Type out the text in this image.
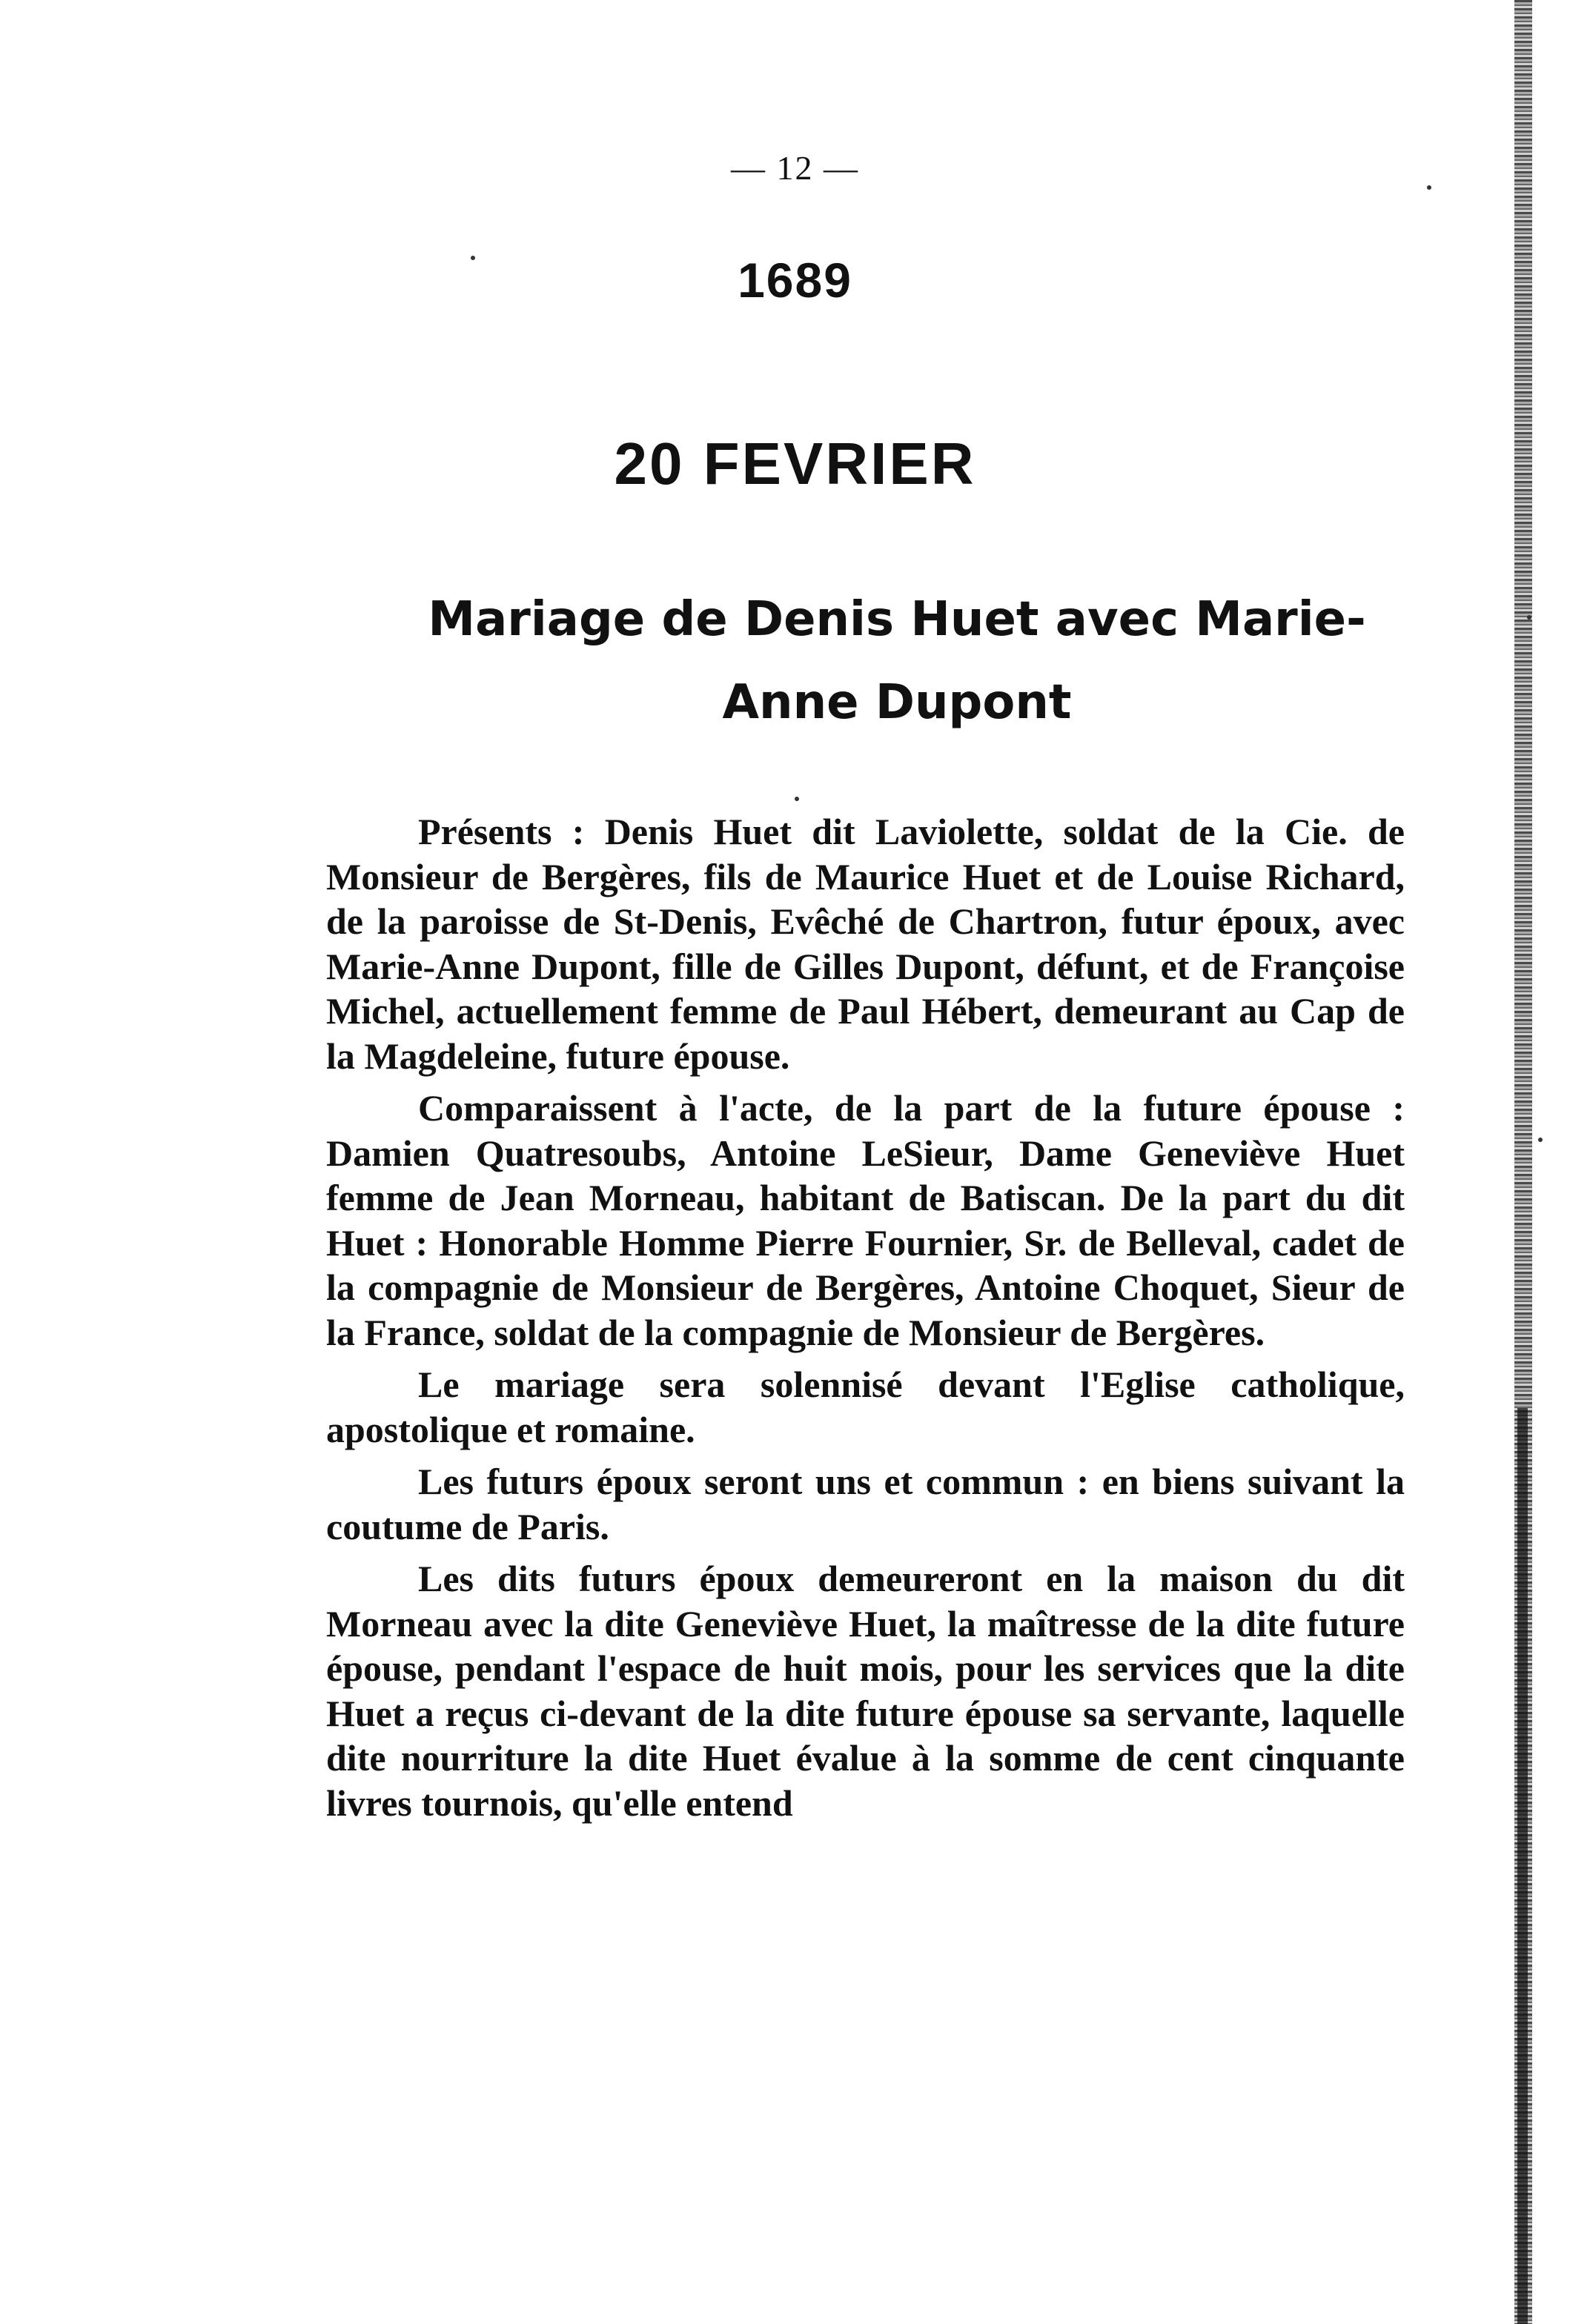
— 12 —
1689
20 FEVRIER
Mariage de Denis Huet avec Marie-Anne Dupont

Présents : Denis Huet dit Laviolette, soldat de la Cie. de Monsieur de Bergères, fils de Maurice Huet et de Louise Richard, de la paroisse de St-Denis, Evêché de Chartron, futur époux, avec Marie-Anne Dupont, fille de Gilles Dupont, défunt, et de Françoise Michel, actuellement femme de Paul Hébert, demeurant au Cap de la Magdeleine, future épouse.

Comparaissent à l'acte, de la part de la future épouse : Damien Quatresoubs, Antoine LeSieur, Dame Geneviève Huet femme de Jean Morneau, habitant de Batiscan. De la part du dit Huet : Honorable Homme Pierre Fournier, Sr. de Belleval, cadet de la compagnie de Monsieur de Bergères, Antoine Choquet, Sieur de la France, soldat de la compagnie de Monsieur de Bergères.

Le mariage sera solennisé devant l'Eglise catholique, apostolique et romaine.

Les futurs époux seront uns et commun : en biens suivant la coutume de Paris.

Les dits futurs époux demeureront en la maison du dit Morneau avec la dite Geneviève Huet, la maîtresse de la dite future épouse, pendant l'espace de huit mois, pour les services que la dite Huet a reçus ci-devant de la dite future épouse sa servante, laquelle dite nourriture la dite Huet évalue à la somme de cent cinquante livres tournois, qu'elle entend
